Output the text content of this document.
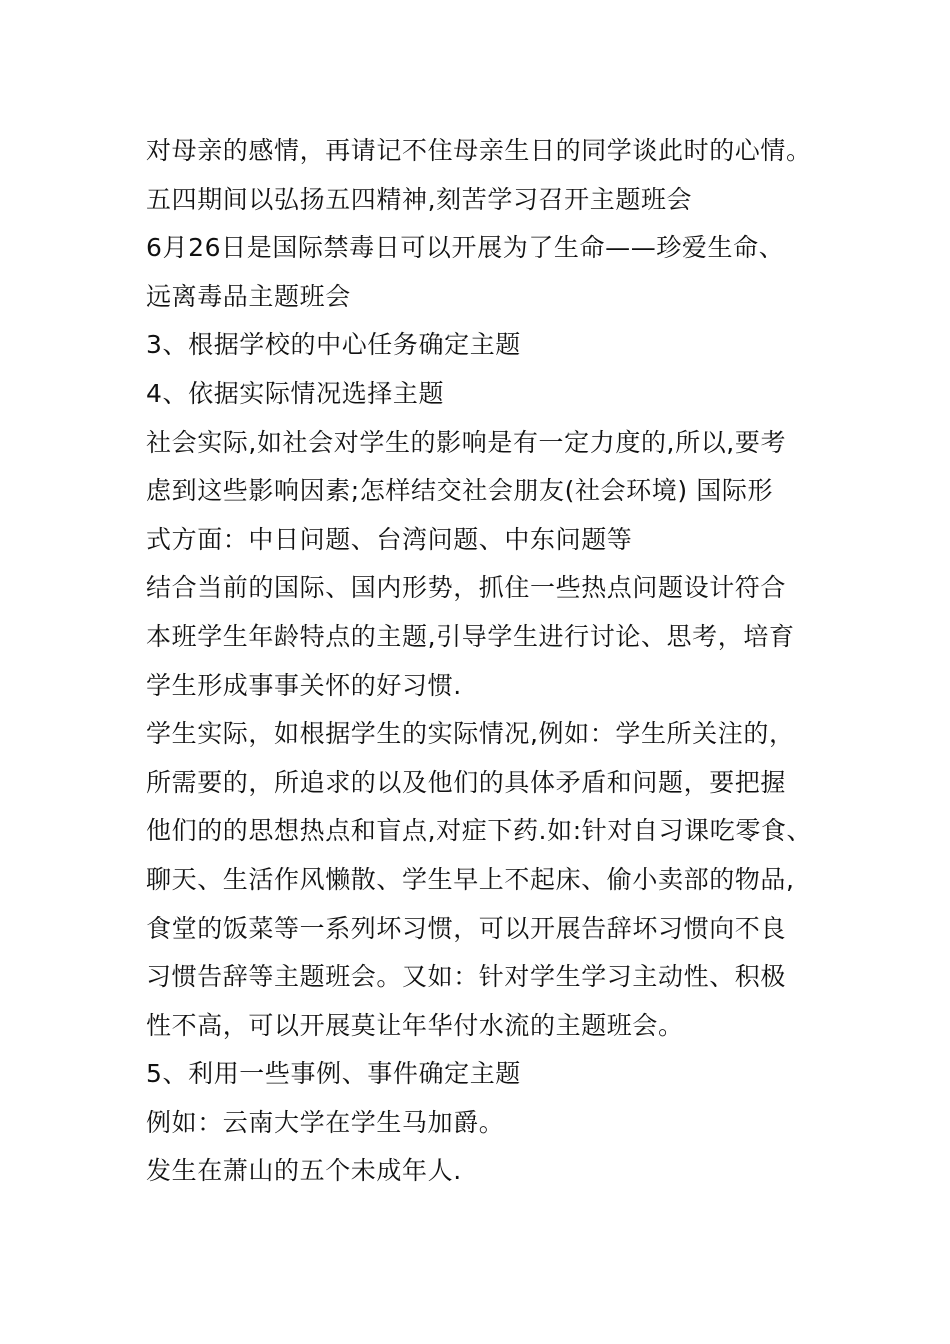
对母亲的感情，再请记不住母亲生日的同学谈此时的心情。
五四期间以弘扬五四精神,刻苦学习召开主题班会
6月26日是国际禁毒日可以开展为了生命——珍爱生命、
远离毒品主题班会
3、根据学校的中心任务确定主题
4、依据实际情况选择主题
社会实际,如社会对学生的影响是有一定力度的,所以,要考
虑到这些影响因素;怎样结交社会朋友(社会环境) 国际形
式方面：中日问题、台湾问题、中东问题等
结合当前的国际、国内形势，抓住一些热点问题设计符合
本班学生年龄特点的主题,引导学生进行讨论、思考，培育
学生形成事事关怀的好习惯.
学生实际，如根据学生的实际情况,例如：学生所关注的，
所需要的，所追求的以及他们的具体矛盾和问题，要把握
他们的的思想热点和盲点,对症下药.如:针对自习课吃零食、
聊天、生活作风懒散、学生早上不起床、偷小卖部的物品,
食堂的饭菜等一系列坏习惯，可以开展告辞坏习惯向不良
习惯告辞等主题班会。又如：针对学生学习主动性、积极
性不高，可以开展莫让年华付水流的主题班会。
5、利用一些事例、事件确定主题
例如：云南大学在学生马加爵。
发生在萧山的五个未成年人.
